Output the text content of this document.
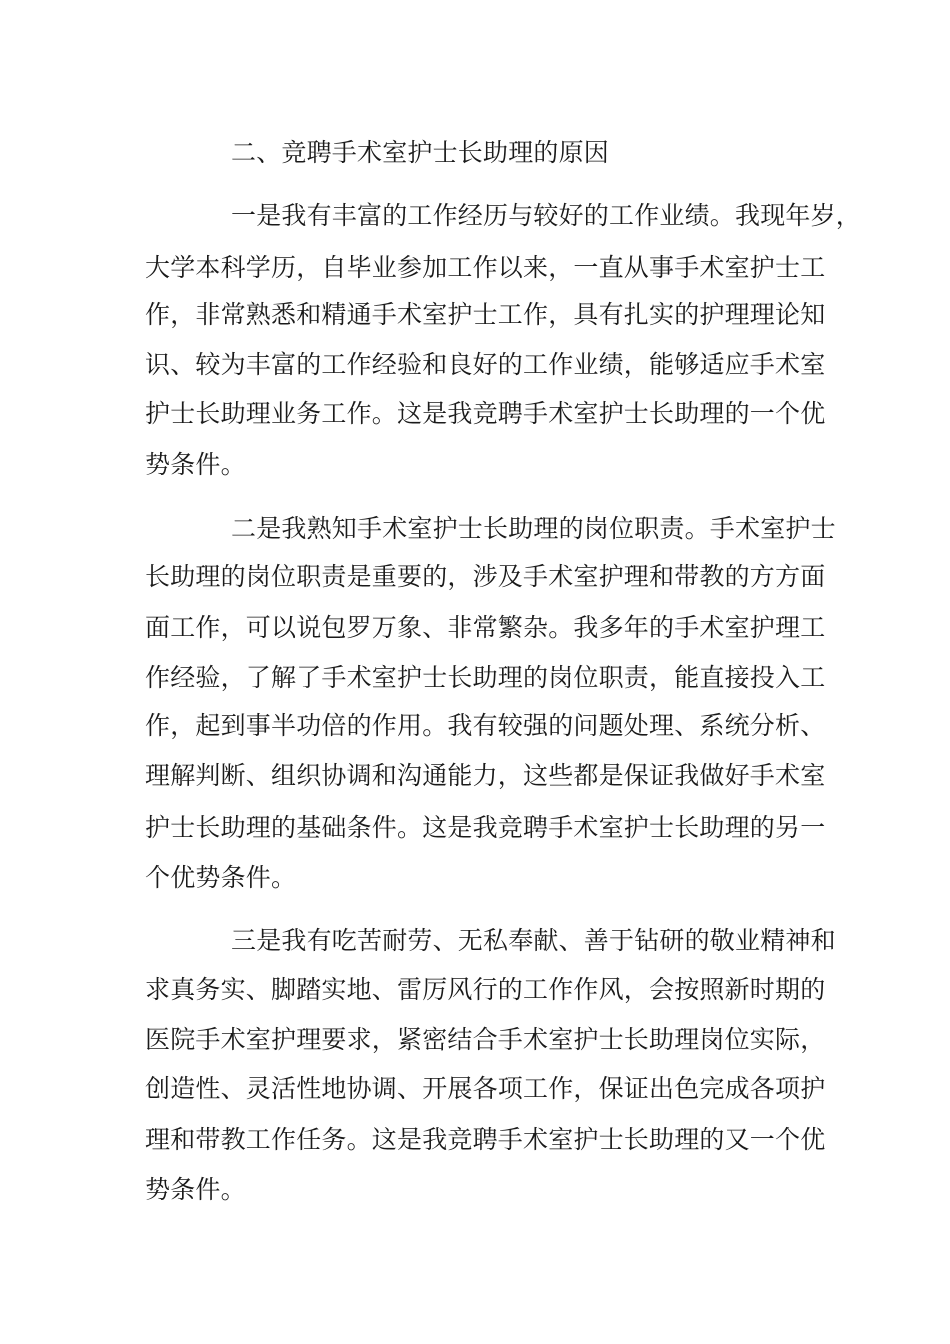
二、竞聘手术室护士长助理的原因
一是我有丰富的工作经历与较好的工作业绩。我现年岁，
大学本科学历，自毕业参加工作以来，一直从事手术室护士工
作，非常熟悉和精通手术室护士工作，具有扎实的护理理论知
识、较为丰富的工作经验和良好的工作业绩，能够适应手术室
护士长助理业务工作。这是我竞聘手术室护士长助理的一个优
势条件。
二是我熟知手术室护士长助理的岗位职责。手术室护士
长助理的岗位职责是重要的，涉及手术室护理和带教的方方面
面工作，可以说包罗万象、非常繁杂。我多年的手术室护理工
作经验，了解了手术室护士长助理的岗位职责，能直接投入工
作，起到事半功倍的作用。我有较强的问题处理、系统分析、
理解判断、组织协调和沟通能力，这些都是保证我做好手术室
护士长助理的基础条件。这是我竞聘手术室护士长助理的另一
个优势条件。
三是我有吃苦耐劳、无私奉献、善于钻研的敬业精神和
求真务实、脚踏实地、雷厉风行的工作作风，会按照新时期的
医院手术室护理要求，紧密结合手术室护士长助理岗位实际，
创造性、灵活性地协调、开展各项工作，保证出色完成各项护
理和带教工作任务。这是我竞聘手术室护士长助理的又一个优
势条件。
